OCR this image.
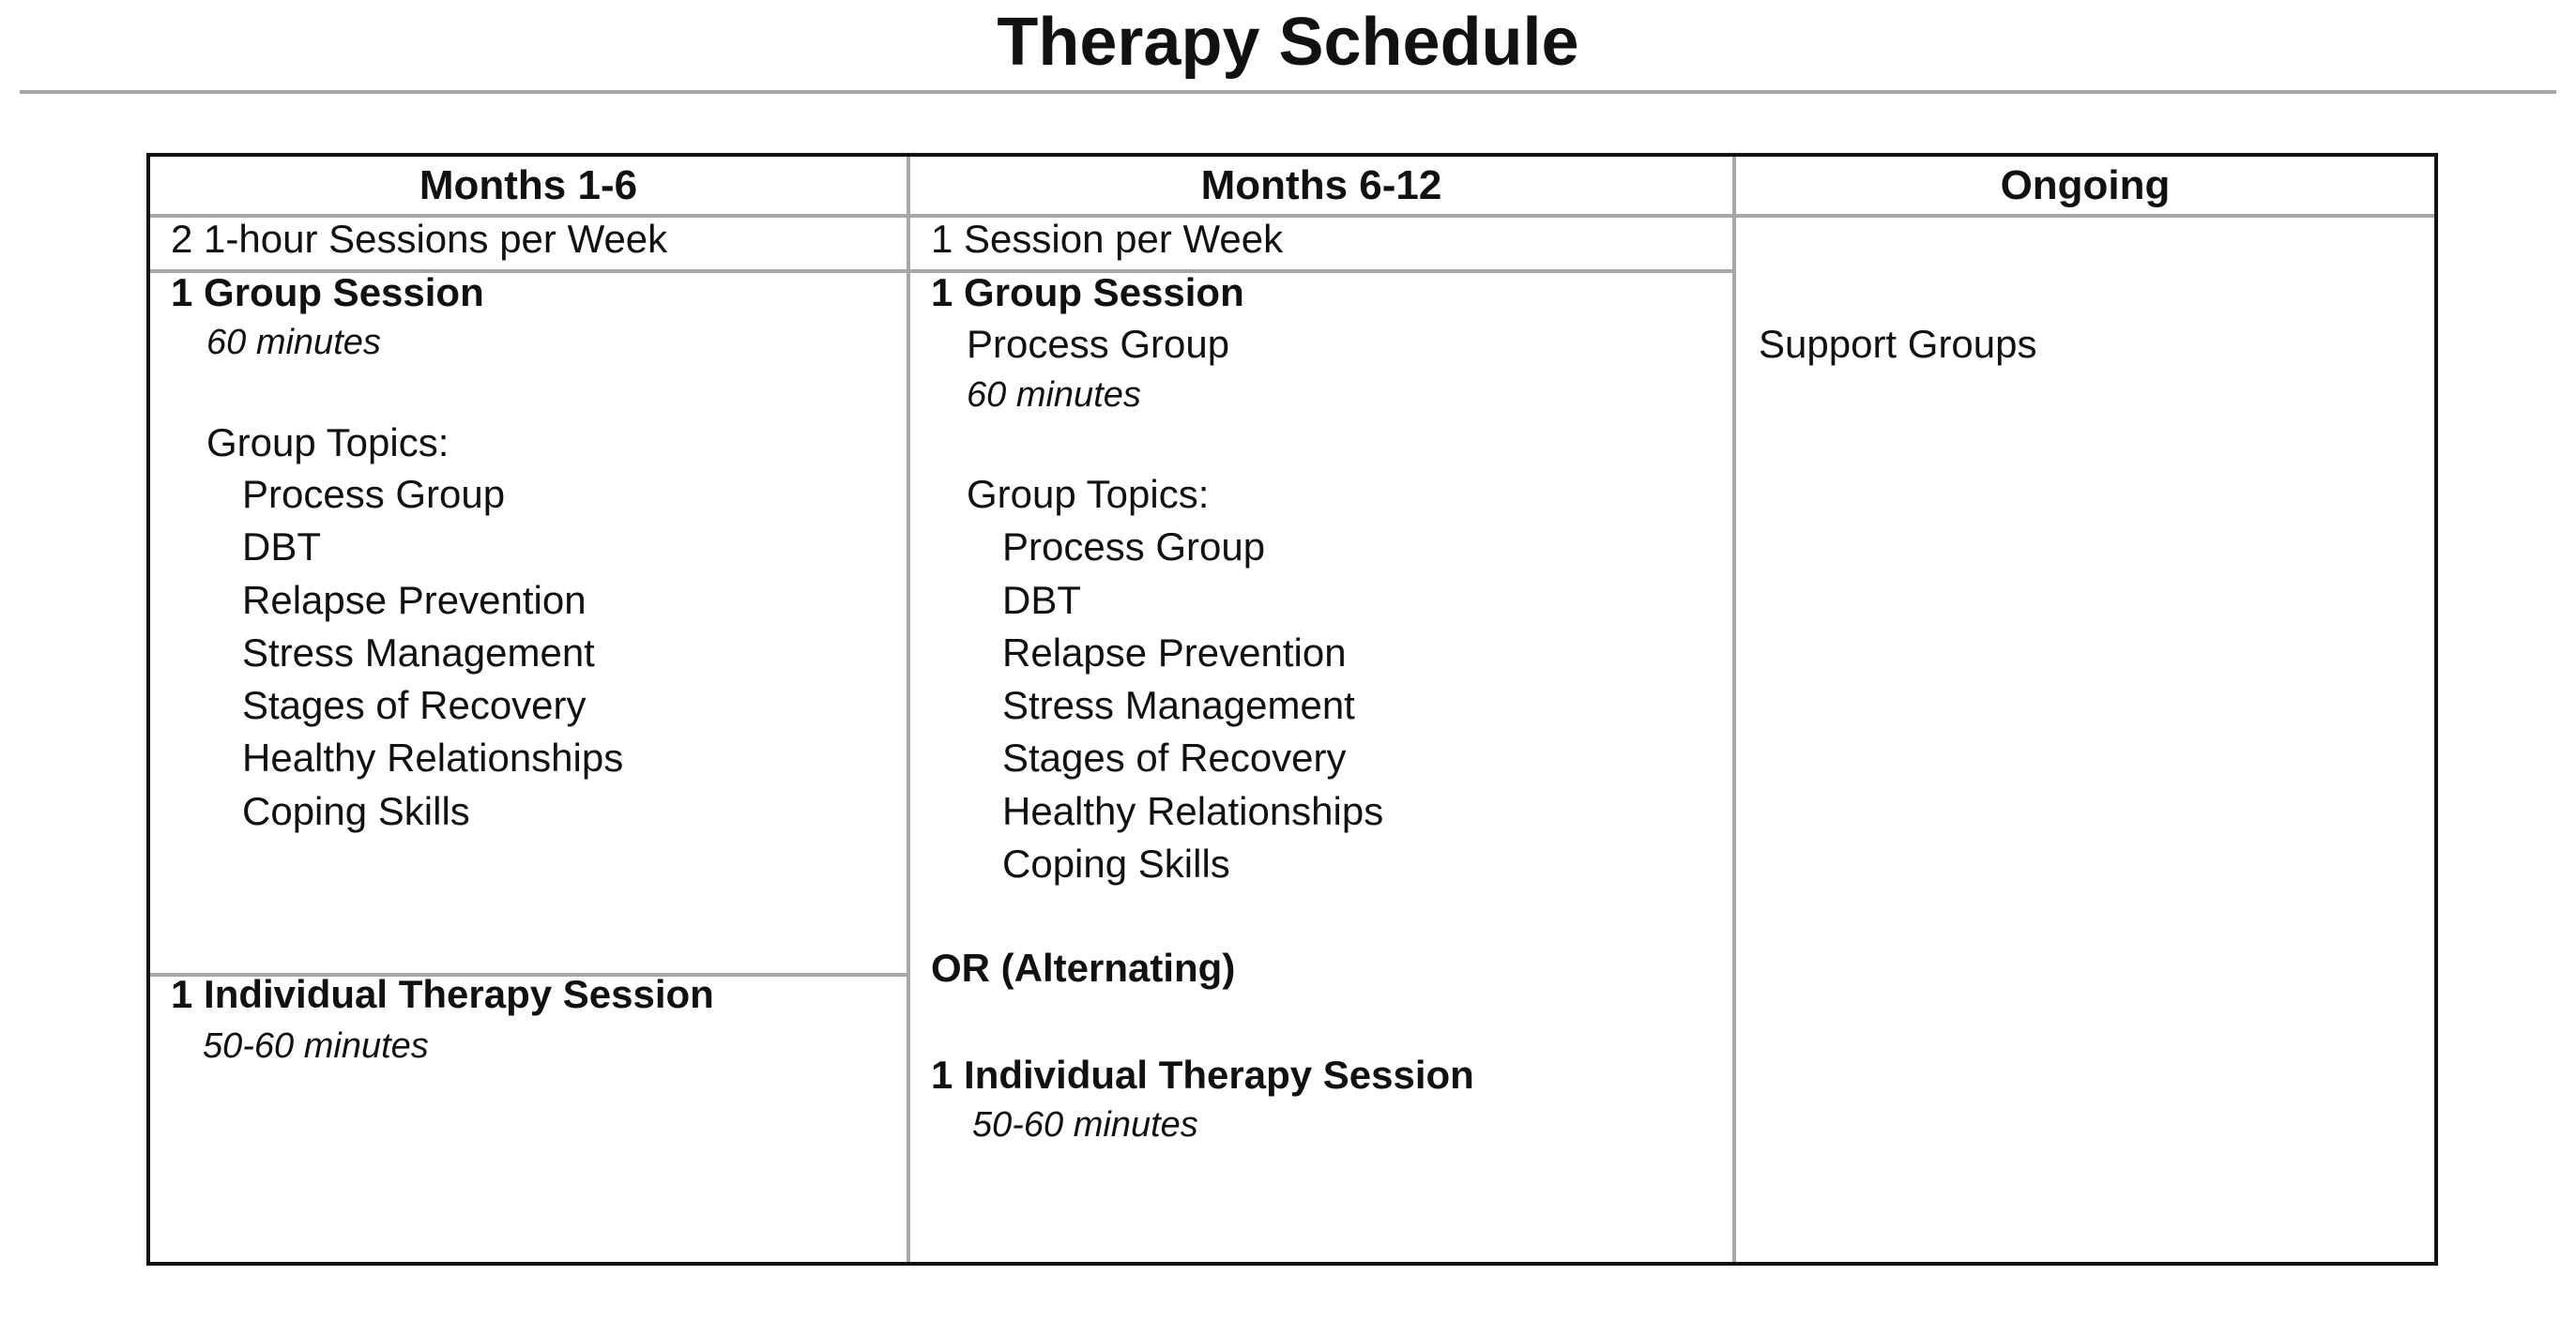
Therapy Schedule
Months 1-6	Months 6-12	Ongoing
2 1-hour Sessions per Week
1 Group Session
60 minutes
Group Topics:
Process Group
DBT
Relapse Prevention
Stress Management
Stages of Recovery
Healthy Relationships
Coping Skills
1 Individual Therapy Session
50-60 minutes
1 Session per Week
1 Group Session
Process Group
60 minutes
Group Topics:
Process Group
DBT
Relapse Prevention
Stress Management
Stages of Recovery
Healthy Relationships
Coping Skills
OR (Alternating)
1 Individual Therapy Session
50-60 minutes
Support Groups
